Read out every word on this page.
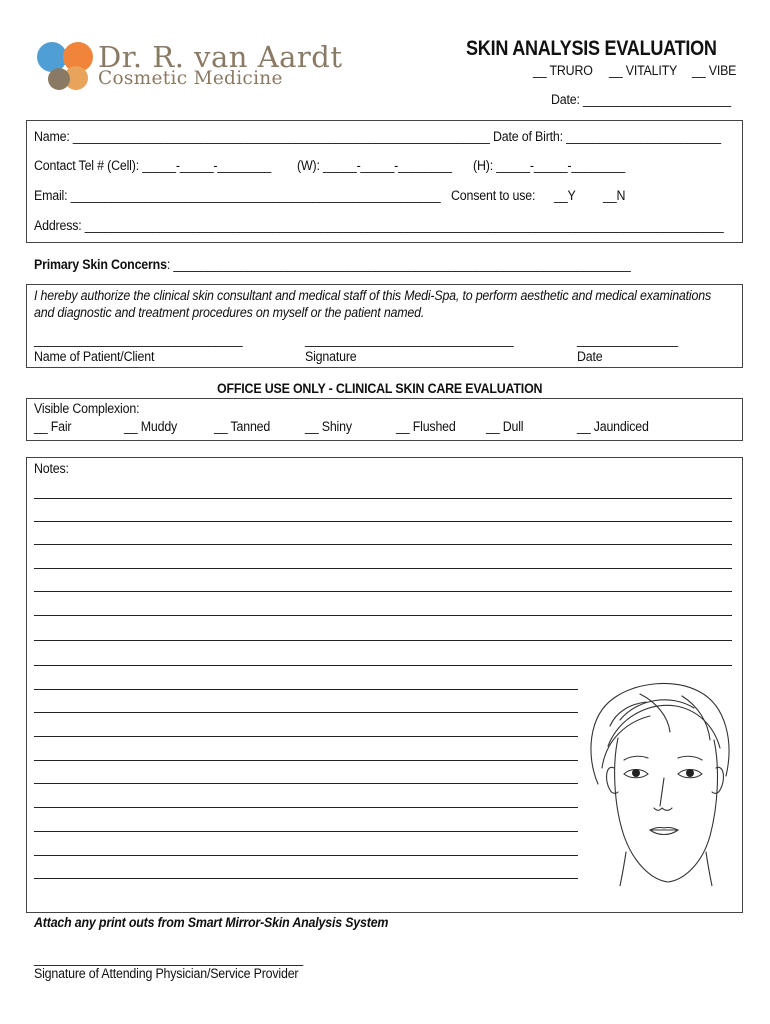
Dr. R. van Aardt
Cosmetic Medicine
SKIN ANALYSIS EVALUATION
__ TRURO __ VITALITY __ VIBE
Date: ______________________
Name: ______________________________________________________________ Date of Birth: _______________________
Contact Tel # (Cell): _____-_____-________ (W): _____-_____-________ (H): _____-_____-________
Email: _______________________________________________________ Consent to use: __Y __N
Address: _______________________________________________________________________________________________
Primary Skin Concerns: ____________________________________________________________________
I hereby authorize the clinical skin consultant and medical staff of this Medi-Spa, to perform aesthetic and medical examinations
and diagnostic and treatment procedures on myself or the patient named.
_______________________________	_______________________________	_______________
Name of Patient/Client	Signature	Date
OFFICE USE ONLY - CLINICAL SKIN CARE EVALUATION
Visible Complexion:
__ Fair	__ Muddy	__ Tanned	__ Shiny	__ Flushed __ Dull	__ Jaundiced
Notes:
Attach any print outs from Smart Mirror-Skin Analysis System
________________________________________
Signature of Attending Physician/Service Provider
